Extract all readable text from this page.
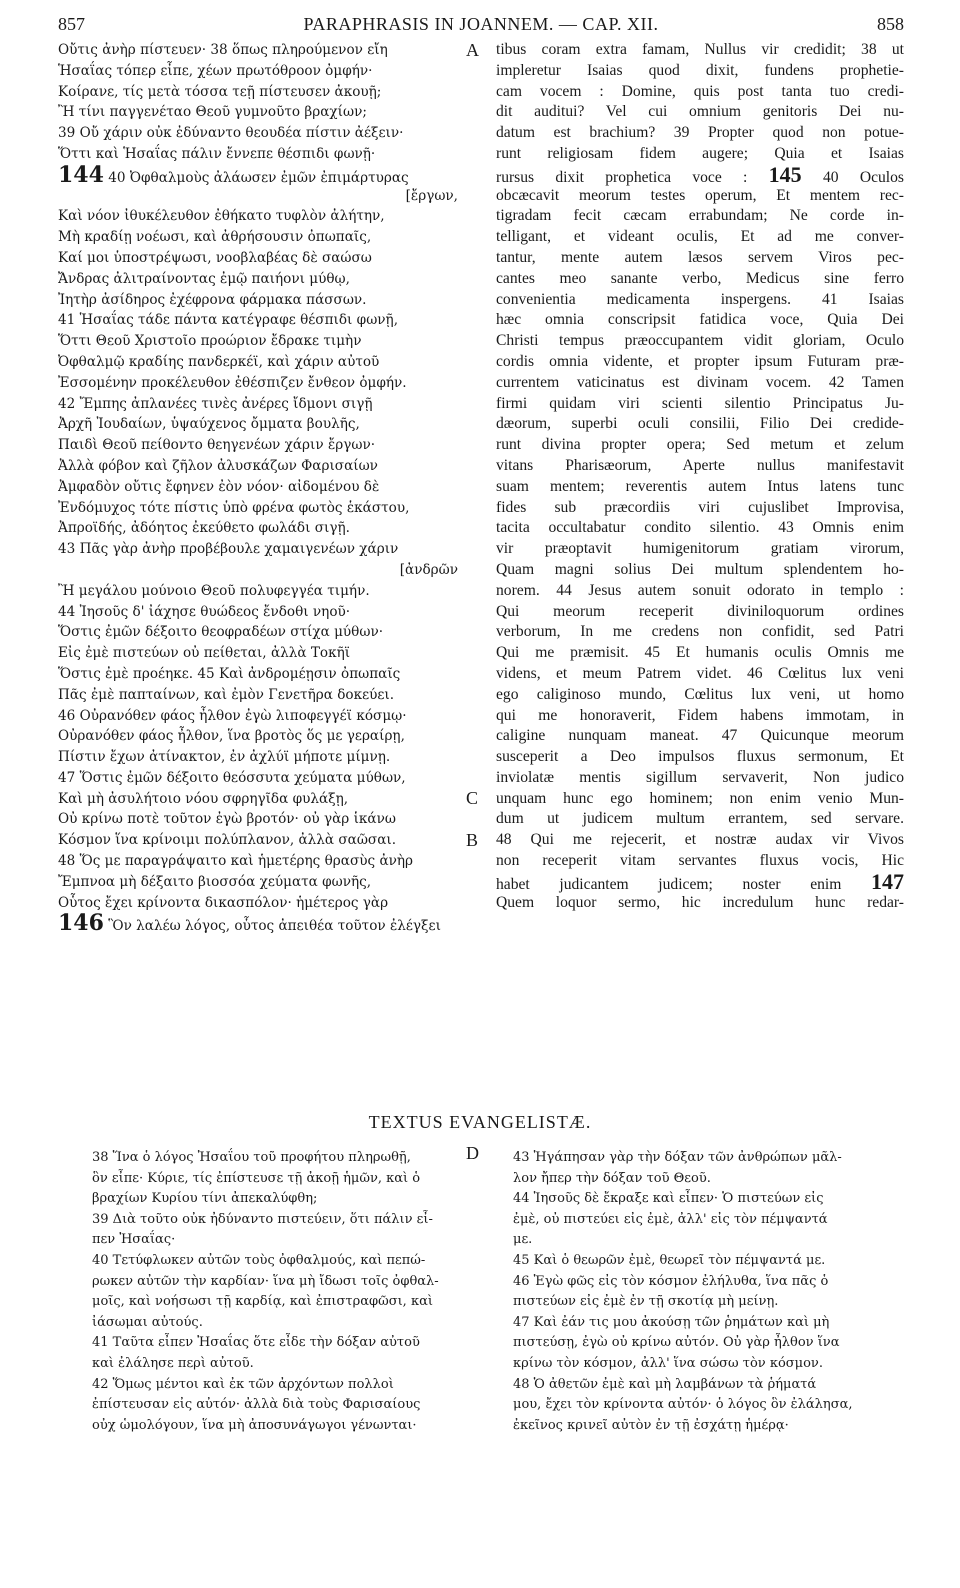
857	PARAPHRASIS IN JOANNEM. — CAP. XII.	858
A
B
D
Οὔτις ἀνὴρ πίστευεν· 38 ὅπως πληρούμενον εἴη
Ἡσαΐας τόπερ εἶπε, χέων πρωτόθροον ὀμφήν·
Κοίρανε, τίς μετὰ τόσσα τεῇ πίστευσεν ἀκουῇ;
Ἢ τίνι παγγενέταο Θεοῦ γυμνοῦτο βραχίων;
39 Οὔ χάριν οὐκ ἐδύναντο θεουδέα πίστιν ἀέξειν·
Ὅττι καὶ Ἡσαΐας πάλιν ἔννεπε θέσπιδι φωνῇ·
144 40 Ὀφθαλμοὺς ἀλάωσεν ἐμῶν ἐπιμάρτυρας
[ἔργων,
Καὶ νόον ἰθυκέλευθον ἐθήκατο τυφλὸν ἀλήτην,
Μὴ κραδίῃ νοέωσι, καὶ ἀθρήσουσιν ὀπωπαῖς,
Καί μοι ὑποστρέψωσι, νοοβλαβέας δὲ σαώσω
Ἄνδρας ἀλιτραίνοντας ἐμῷ παιήονι μύθῳ,
Ἰητὴρ ἀσίδηρος ἐχέφρονα φάρμακα πάσσων.
41 Ἡσαΐας τάδε πάντα κατέγραφε θέσπιδι φωνῇ,
Ὅττι Θεοῦ Χριστοῖο προώριον ἔδρακε τιμὴν
Ὀφθαλμῷ κραδίης πανδερκέϊ, καὶ χάριν αὐτοῦ
Ἐσσομένην προκέλευθον ἐθέσπιζεν ἔνθεον ὀμφήν.
42 Ἔμπης ἀπλανέες τινὲς ἀνέρες ἴδμονι σιγῇ
Ἀρχῆ Ἰουδαίων, ὑψαύχενος ὄμματα βουλῆς,
Παιδὶ Θεοῦ πείθοντο θεηγενέων χάριν ἔργων·
Ἀλλὰ φόβον καὶ ζῆλον ἀλυσκάζων Φαρισαίων
Ἀμφαδὸν οὔτις ἔφηνεν ἐὸν νόον· αἰδομένου δὲ
Ἐνδόμυχος τότε πίστις ὑπὸ φρένα φωτὸς ἑκάστου,
Ἀπροϊδής, ἀδόητος ἐκεύθετο φωλάδι σιγῇ.
43 Πᾶς γὰρ ἀνὴρ προβέβουλε χαμαιγενέων χάριν
[ἀνδρῶν
Ἢ μεγάλου μούνοιο Θεοῦ πολυφεγγέα τιμήν.
44 Ἰησοῦς δ' ἰάχησε θυώδεος ἔνδοθι νηοῦ·
Ὅστις ἐμῶν δέξοιτο θεοφραδέων στίχα μύθων·
Εἰς ἐμὲ πιστεύων οὐ πείθεται, ἀλλὰ Τοκῆϊ
Ὅστις ἐμὲ προέηκε. 45 Καὶ ἀνδρομέῃσιν ὀπωπαῖς
Πᾶς ἐμὲ παπταίνων, καὶ ἐμὸν Γενετῆρα δοκεύει.
46 Οὐρανόθεν φάος ἦλθον ἐγὼ λιποφεγγέϊ κόσμῳ·
Οὐρανόθεν φάος ἦλθον, ἵνα βροτὸς ὅς με γεραίρῃ,
Πίστιν ἔχων ἀτίνακτον, ἐν ἀχλύϊ μήποτε μίμνῃ.
47 Ὅστις ἐμῶν δέξοιτο θεόσσυτα χεύματα μύθων,
Καὶ μὴ ἀσυλήτοιο νόου σφρηγῖδα φυλάξῃ,
Οὐ κρίνω ποτὲ τοῦτον ἐγὼ βροτόν· οὐ γὰρ ἱκάνω
Κόσμον ἵνα κρίνοιμι πολύπλανον, ἀλλὰ σαῶσαι.
48 Ὅς με παραγράψαιτο καὶ ἡμετέρης θρασὺς ἀνὴρ
Ἔμπνοα μὴ δέξαιτο βιοσσόα χεύματα φωνῆς,
Οὗτος ἔχει κρίνοντα δικασπόλον· ἡμέτερος γὰρ
146 Ὃν λαλέω λόγος, οὗτος ἀπειθέα τοῦτον ἐλέγξει
tibus coram extra famam, Nullus vir credidit; 38 ut
impleretur Isaias quod dixit, fundens prophetie-
cam vocem : Domine, quis post tanta tuo credi-
dit auditui? Vel cui omnium genitoris Dei nu-
datum est brachium? 39 Propter quod non potue-
runt religiosam fidem augere; Quia et Isaias
rursus dixit prophetica voce : 145 40 Oculos
obcæcavit meorum testes operum, Et mentem rec-
tigradam fecit cæcam errabundam; Ne corde in-
telligant, et videant oculis, Et ad me conver-
tantur, mente autem læsos servem Viros pec-
cantes meo sanante verbo, Medicus sine ferro
convenientia medicamenta inspergens. 41 Isaias
hæc omnia conscripsit fatidica voce, Quia Dei
Christi tempus præoccupantem vidit gloriam, Oculo
cordis omnia vidente, et propter ipsum Futuram præ-
currentem vaticinatus est divinam vocem. 42 Tamen
firmi quidam viri scienti silentio Principatus Ju-
dæorum, superbi oculi consilii, Filio Dei credide-
runt divina propter opera; Sed metum et zelum
vitans Pharisæorum, Aperte nullus manifestavit
suam mentem; reverentis autem Intus latens tunc
fides sub præcordiis viri cujuslibet Improvisa,
tacita occultabatur condito silentio. 43 Omnis enim
vir præoptavit humigenitorum gratiam virorum,
Quam magni solius Dei multum splendentem ho-
norem. 44 Jesus autem sonuit odorato in templo :
Qui meorum receperit diviniloquorum ordines
verborum, In me credens non confidit, sed Patri
Qui me præmisit. 45 Et humanis oculis Omnis me
videns, et meum Patrem videt. 46 Cœlitus lux veni
ego caliginoso mundo, Cœlitus lux veni, ut homo
qui me honoraverit, Fidem habens immotam, in
caligine nunquam maneat. 47 Quicunque meorum
susceperit a Deo impulsos fluxus sermonum, Et
inviolatæ mentis sigillum servaverit, Non judico
unquam hunc ego hominem; non enim venio Mun-
dum ut judicem multum errantem, sed servare.
48 Qui me rejecerit, et nostræ audax vir Vivos
non receperit vitam servantes fluxus vocis, Hic
habet judicantem judicem; noster enim 147
Quem loquor sermo, hic incredulum hunc redar-
C
TEXTUS EVANGELISTÆ.
38 Ἵνα ὁ λόγος Ἠσαΐου τοῦ προφήτου πληρωθῇ,
ὃν εἶπε· Κύριε, τίς ἐπίστευσε τῇ ἀκοῇ ἡμῶν, καὶ ὁ
βραχίων Κυρίου τίνι ἀπεκαλύφθη;
39 Διὰ τοῦτο οὐκ ἠδύναντο πιστεύειν, ὅτι πάλιν εἶ-
πεν Ἠσαΐας·
40 Τετύφλωκεν αὐτῶν τοὺς ὀφθαλμούς, καὶ πεπώ-
ρωκεν αὐτῶν τὴν καρδίαν· ἵνα μὴ ἴδωσι τοῖς ὀφθαλ-
μοῖς, καὶ νοήσωσι τῇ καρδίᾳ, καὶ ἐπιστραφῶσι, καὶ
ἰάσωμαι αὐτούς.
41 Ταῦτα εἶπεν Ἠσαΐας ὅτε εἶδε τὴν δόξαν αὐτοῦ
καὶ ἐλάλησε περὶ αὐτοῦ.
42 Ὅμως μέντοι καὶ ἐκ τῶν ἀρχόντων πολλοὶ
ἐπίστευσαν εἰς αὐτόν· ἀλλὰ διὰ τοὺς Φαρισαίους
οὐχ ὡμολόγουν, ἵνα μὴ ἀποσυνάγωγοι γένωνται·
43 Ἠγάπησαν γὰρ τὴν δόξαν τῶν ἀνθρώπων μᾶλ-
λον ἤπερ τὴν δόξαν τοῦ Θεοῦ.
44 Ἰησοῦς δὲ ἔκραξε καὶ εἶπεν· Ὁ πιστεύων εἰς
ἐμὲ, οὐ πιστεύει εἰς ἐμὲ, ἀλλ' εἰς τὸν πέμψαντά
με.
45 Καὶ ὁ θεωρῶν ἐμὲ, θεωρεῖ τὸν πέμψαντά με.
46 Ἐγὼ φῶς εἰς τὸν κόσμον ἐλήλυθα, ἵνα πᾶς ὁ
πιστεύων εἰς ἐμὲ ἐν τῇ σκοτίᾳ μὴ μείνῃ.
47 Καὶ ἐάν τις μου ἀκούσῃ τῶν ῥημάτων καὶ μὴ
πιστεύσῃ, ἐγὼ οὐ κρίνω αὐτόν. Οὐ γὰρ ἦλθον ἵνα
κρίνω τὸν κόσμον, ἀλλ' ἵνα σώσω τὸν κόσμον.
48 Ὁ ἀθετῶν ἐμὲ καὶ μὴ λαμβάνων τὰ ῥήματά
μου, ἔχει τὸν κρίνοντα αὐτόν· ὁ λόγος ὃν ἐλάλησα,
ἐκεῖνος κρινεῖ αὐτὸν ἐν τῇ ἐσχάτῃ ἡμέρᾳ·
